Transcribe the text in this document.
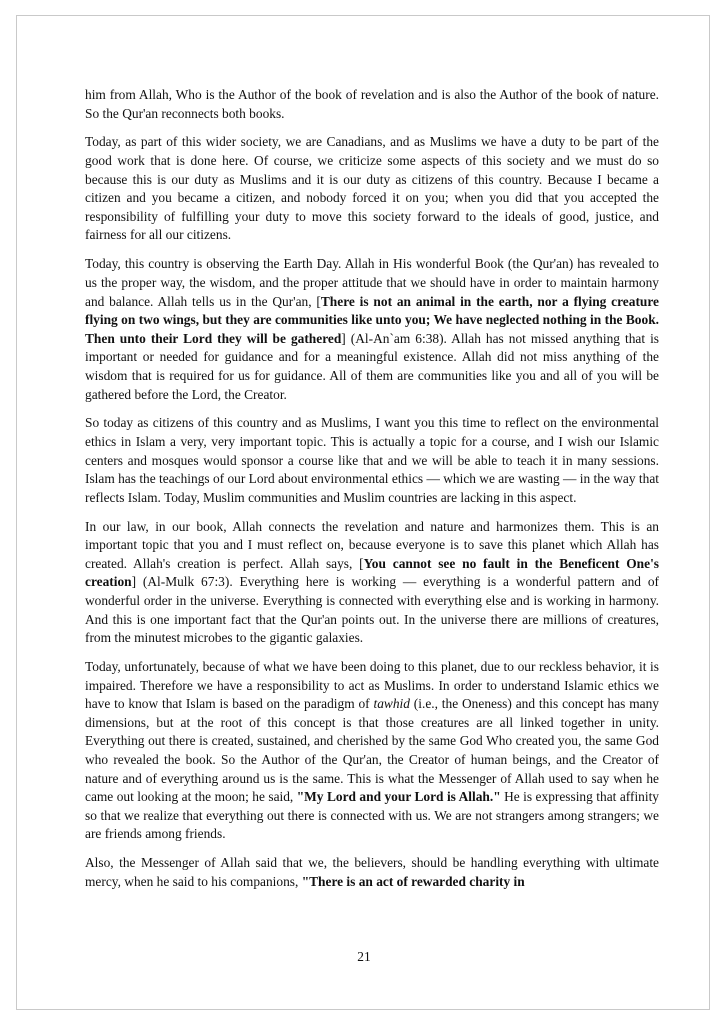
him from Allah, Who is the Author of the book of revelation and is also the Author of the book of nature. So the Qur'an reconnects both books.

Today, as part of this wider society, we are Canadians, and as Muslims we have a duty to be part of the good work that is done here. Of course, we criticize some aspects of this society and we must do so because this is our duty as Muslims and it is our duty as citizens of this country. Because I became a citizen and you became a citizen, and nobody forced it on you; when you did that you accepted the responsibility of fulfilling your duty to move this society forward to the ideals of good, justice, and fairness for all our citizens.

Today, this country is observing the Earth Day. Allah in His wonderful Book (the Qur'an) has revealed to us the proper way, the wisdom, and the proper attitude that we should have in order to maintain harmony and balance. Allah tells us in the Qur'an, [There is not an animal in the earth, nor a flying creature flying on two wings, but they are communities like unto you; We have neglected nothing in the Book. Then unto their Lord they will be gathered] (Al-An`am 6:38). Allah has not missed anything that is important or needed for guidance and for a meaningful existence. Allah did not miss anything of the wisdom that is required for us for guidance. All of them are communities like you and all of you will be gathered before the Lord, the Creator.

So today as citizens of this country and as Muslims, I want you this time to reflect on the environmental ethics in Islam a very, very important topic. This is actually a topic for a course, and I wish our Islamic centers and mosques would sponsor a course like that and we will be able to teach it in many sessions. Islam has the teachings of our Lord about environmental ethics — which we are wasting — in the way that reflects Islam. Today, Muslim communities and Muslim countries are lacking in this aspect.

In our law, in our book, Allah connects the revelation and nature and harmonizes them. This is an important topic that you and I must reflect on, because everyone is to save this planet which Allah has created. Allah's creation is perfect. Allah says, [You cannot see no fault in the Beneficent One's creation] (Al-Mulk 67:3). Everything here is working — everything is a wonderful pattern and of wonderful order in the universe. Everything is connected with everything else and is working in harmony. And this is one important fact that the Qur'an points out. In the universe there are millions of creatures, from the minutest microbes to the gigantic galaxies.

Today, unfortunately, because of what we have been doing to this planet, due to our reckless behavior, it is impaired. Therefore we have a responsibility to act as Muslims. In order to understand Islamic ethics we have to know that Islam is based on the paradigm of tawhid (i.e., the Oneness) and this concept has many dimensions, but at the root of this concept is that those creatures are all linked together in unity. Everything out there is created, sustained, and cherished by the same God Who created you, the same God who revealed the book. So the Author of the Qur'an, the Creator of human beings, and the Creator of nature and of everything around us is the same. This is what the Messenger of Allah used to say when he came out looking at the moon; he said, "My Lord and your Lord is Allah." He is expressing that affinity so that we realize that everything out there is connected with us. We are not strangers among strangers; we are friends among friends.

Also, the Messenger of Allah said that we, the believers, should be handling everything with ultimate mercy, when he said to his companions, "There is an act of rewarded charity in

21
